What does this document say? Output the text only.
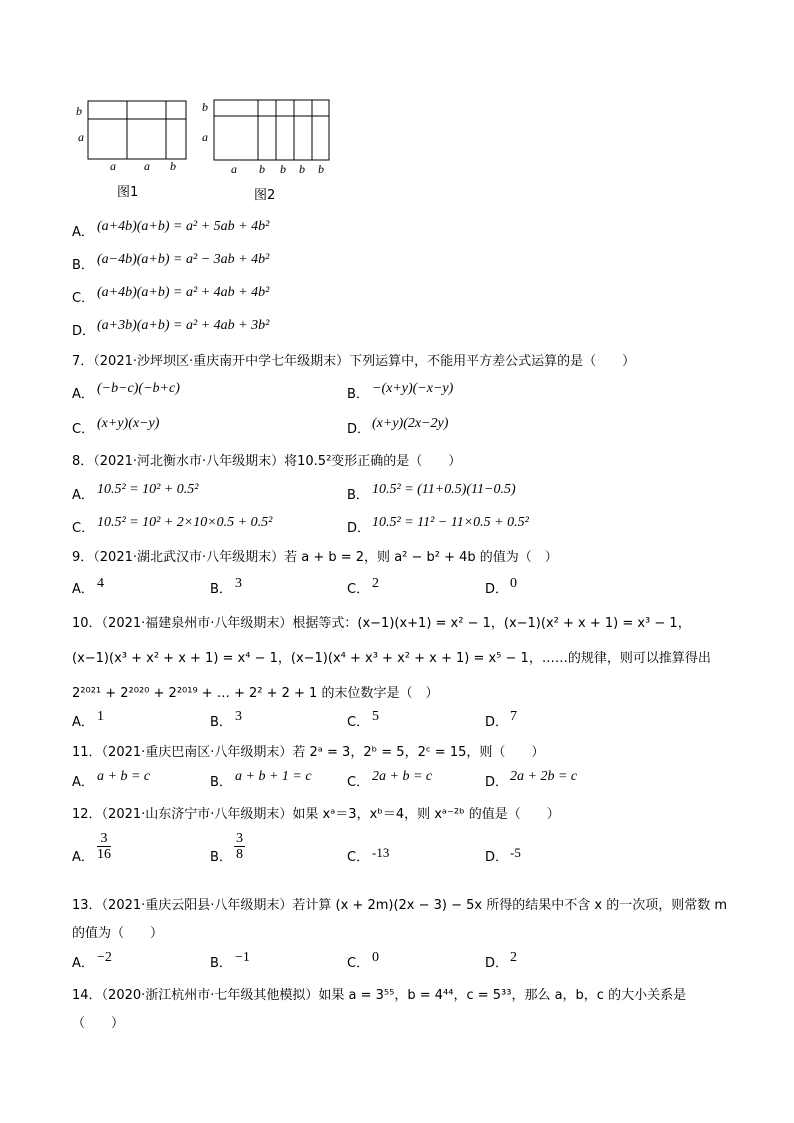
b
a
a a b
图1
b
a
a b b b b
图2
A． (a+4b)(a+b) = a² + 5ab + 4b²
B． (a−4b)(a+b) = a² − 3ab + 4b²
C． (a+4b)(a+b) = a² + 4ab + 4b²
D． (a+3b)(a+b) = a² + 4ab + 3b²
7．（2021·沙坪坝区·重庆南开中学七年级期末）下列运算中，不能用平方差公式运算的是（　　）
A． (−b−c)(−b+c)	B． −(x+y)(−x−y)
C． (x+y)(x−y)	D． (x+y)(2x−2y)
8．（2021·河北衡水市·八年级期末）将10.5²变形正确的是（　　）
A． 10.5² = 10² + 0.5²	B． 10.5² = (11+0.5)(11−0.5)
C． 10.5² = 10² + 2×10×0.5 + 0.5²	D． 10.5² = 11² − 11×0.5 + 0.5²
9．（2021·湖北武汉市·八年级期末）若 a + b = 2，则 a² − b² + 4b 的值为（　）
A． 4	B． 3	C． 2	D． 0
10．（2021·福建泉州市·八年级期末）根据等式：(x−1)(x+1) = x² − 1，(x−1)(x² + x + 1) = x³ − 1，
(x−1)(x³ + x² + x + 1) = x⁴ − 1，(x−1)(x⁴ + x³ + x² + x + 1) = x⁵ − 1，……的规律，则可以推算得出
2²⁰²¹ + 2²⁰²⁰ + 2²⁰¹⁹ + … + 2² + 2 + 1 的末位数字是（　）
A． 1	B． 3	C． 5	D． 7
11．（2021·重庆巴南区·八年级期末）若 2ᵃ = 3，2ᵇ = 5，2ᶜ = 15，则（　　）
A． a + b = c	B． a + b + 1 = c	C． 2a + b = c	D． 2a + 2b = c
12．（2021·山东济宁市·八年级期末）如果 xᵃ＝3，xᵇ＝4，则 xᵃ⁻²ᵇ 的值是（　　）
A． $\frac{3}{16}$	B． $\frac{3}{8}$	C． -13	D． -5
13．（2021·重庆云阳县·八年级期末）若计算 (x + 2m)(2x − 3) − 5x 所得的结果中不含 x 的一次项，则常数 m
的值为（　　）
A． −2	B． −1	C． 0	D． 2
14．（2020·浙江杭州市·七年级其他模拟）如果 a = 3⁵⁵，b = 4⁴⁴，c = 5³³，那么 a，b，c 的大小关系是
（　　）
